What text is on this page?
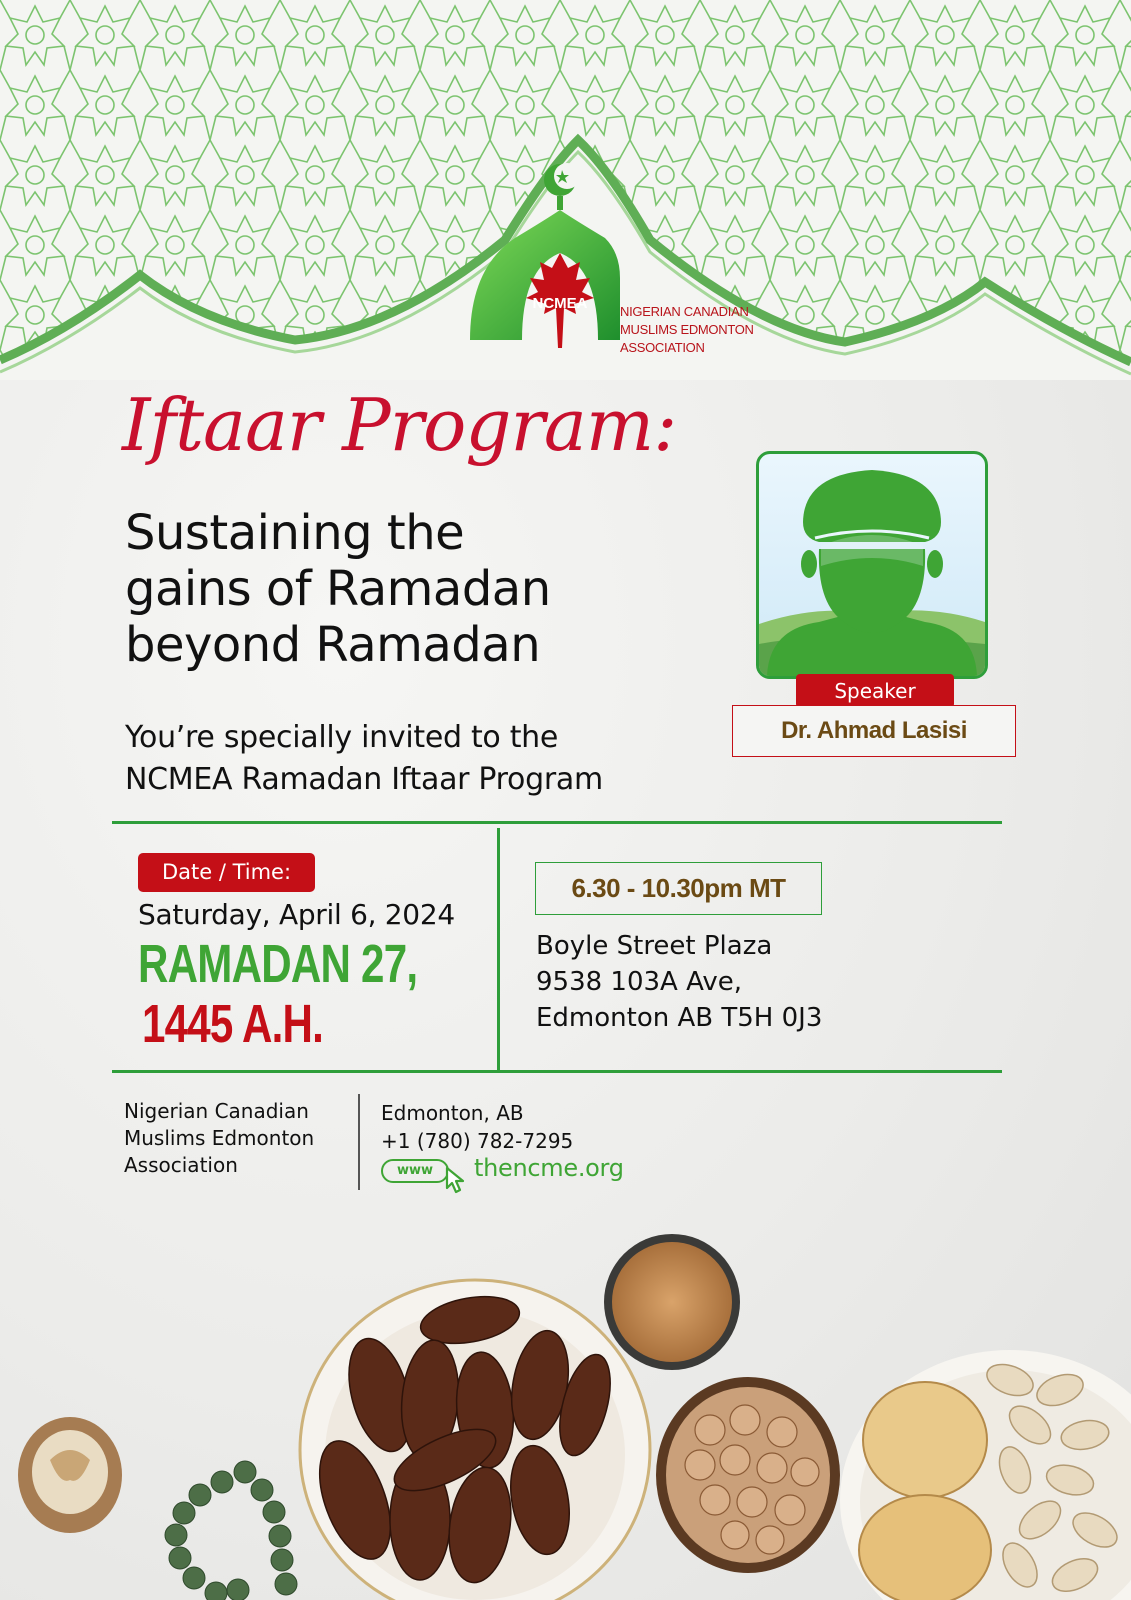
NCMEA	NIGERIAN CANADIAN
MUSLIMS EDMONTON
ASSOCIATION
Iftaar Program:
Sustaining the
gains of Ramadan
beyond Ramadan
You’re specially invited to the
NCMEA Ramadan Iftaar Program
Speaker
Dr. Ahmad Lasisi
Date / Time:
Saturday, April 6, 2024
RAMADAN 27,
1445 A.H.
6.30 - 10.30pm MT
Boyle Street Plaza
9538 103A Ave,
Edmonton AB T5H 0J3
Nigerian Canadian
Muslims Edmonton
Association
Edmonton, AB
+1 (780) 782-7295
www	thencme.org
